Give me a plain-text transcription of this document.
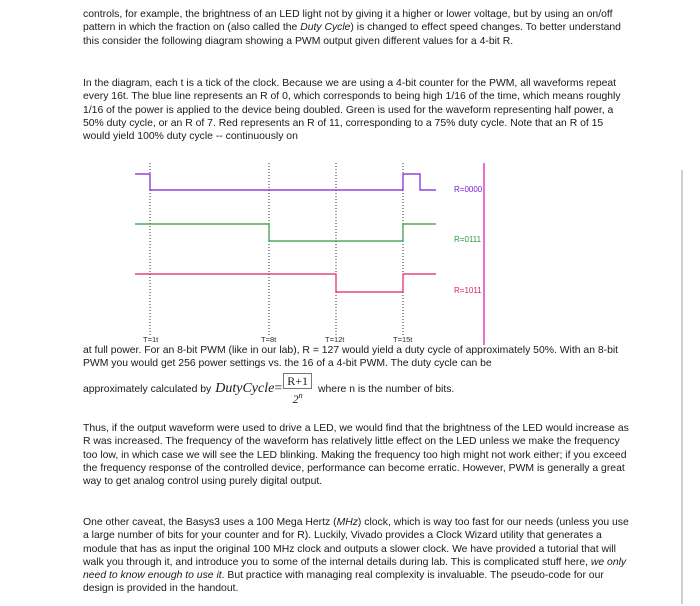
controls, for example, the brightness of an LED light not by giving it a higher or lower voltage, but by using an on/off pattern in which the fraction on (also called the Duty Cycle) is changed to effect speed changes. To better understand this consider the following diagram showing a PWM output given different values for a 4-bit R.

In the diagram, each t is a tick of the clock. Because we are using a 4-bit counter for the PWM, all waveforms repeat every 16t. The blue line represents an R of 0, which corresponds to being high 1/16 of the time, which means roughly 1/16 of the power is applied to the device being doubled. Green is used for the waveform representing half power, a 50% duty cycle, or an R of 7. Red represents an R of 11, corresponding to a 75% duty cycle. Note that an R of 15 would yield 100% duty cycle -- continuously on

R=0000
R=0111
R=1011
T=1t	T=8t	T=12t	T=15t

at full power. For an 8-bit PWM (like in our lab), R = 127 would yield a duty cycle of approximately 50%. With an 8-bit PWM you would get 256 power settings vs. the 16 of a 4-bit PWM. The duty cycle can be

approximately calculated by DutyCycle = $\frac{R+1}{2^n}$ where n is the number of bits.

Thus, if the output waveform were used to drive a LED, we would find that the brightness of the LED would increase as R was increased. The frequency of the waveform has relatively little effect on the LED unless we make the frequency too low, in which case we will see the LED blinking. Making the frequency too high might not work either; if you exceed the frequency response of the controlled device, performance can become erratic. However, PWM is generally a great way to get analog control using purely digital output.

One other caveat, the Basys3 uses a 100 Mega Hertz (MHz) clock, which is way too fast for our needs (unless you use a large number of bits for your counter and for R). Luckily, Vivado provides a Clock Wizard utility that generates a module that has as input the original 100 MHz clock and outputs a slower clock. We have provided a tutorial that will walk you through it, and introduce you to some of the internal details during lab. This is complicated stuff here, we only need to know enough to use it. But practice with managing real complexity is invaluable. The pseudo-code for our design is provided in the handout.
